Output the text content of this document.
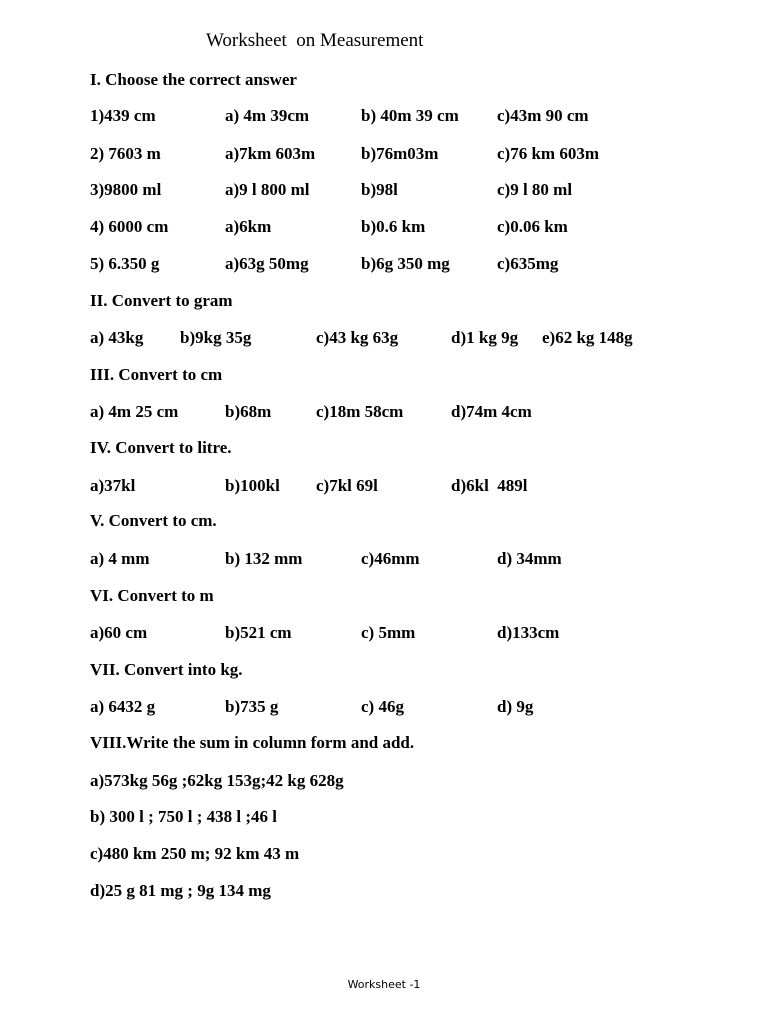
Worksheet  on Measurement
I. Choose the correct answer
1)439 cm	a) 4m 39cm	b) 40m 39 cm c)43m 90 cm
2) 7603 m	a)7km 603m	b)76m03m	c)76 km 603m
3)9800 ml	a)9 l 800 ml	b)98l	c)9 l 80 ml
4) 6000 cm	a)6km	b)0.6 km	c)0.06 km
5) 6.350 g	a)63g 50mg	b)6g 350 mg	c)635mg
II. Convert to gram
a) 43kg b)9kg 35g	c)43 kg 63g	d)1 kg 9g e)62 kg 148g
III. Convert to cm
a) 4m 25 cm	b)68m	c)18m 58cm	d)74m 4cm
IV. Convert to litre.
a)37kl	b)100kl c)7kl 69l	d)6kl  489l
V. Convert to cm.
a) 4 mm	b) 132 mm	c)46mm	d) 34mm
VI. Convert to m
a)60 cm	b)521 cm	c) 5mm	d)133cm
VII. Convert into kg.
a) 6432 g	b)735 g	c) 46g	d) 9g
VIII.Write the sum in column form and add.
a)573kg 56g ;62kg 153g;42 kg 628g
b) 300 l ; 750 l ; 438 l ;46 l
c)480 km 250 m; 92 km 43 m
d)25 g 81 mg ; 9g 134 mg
Worksheet -1
